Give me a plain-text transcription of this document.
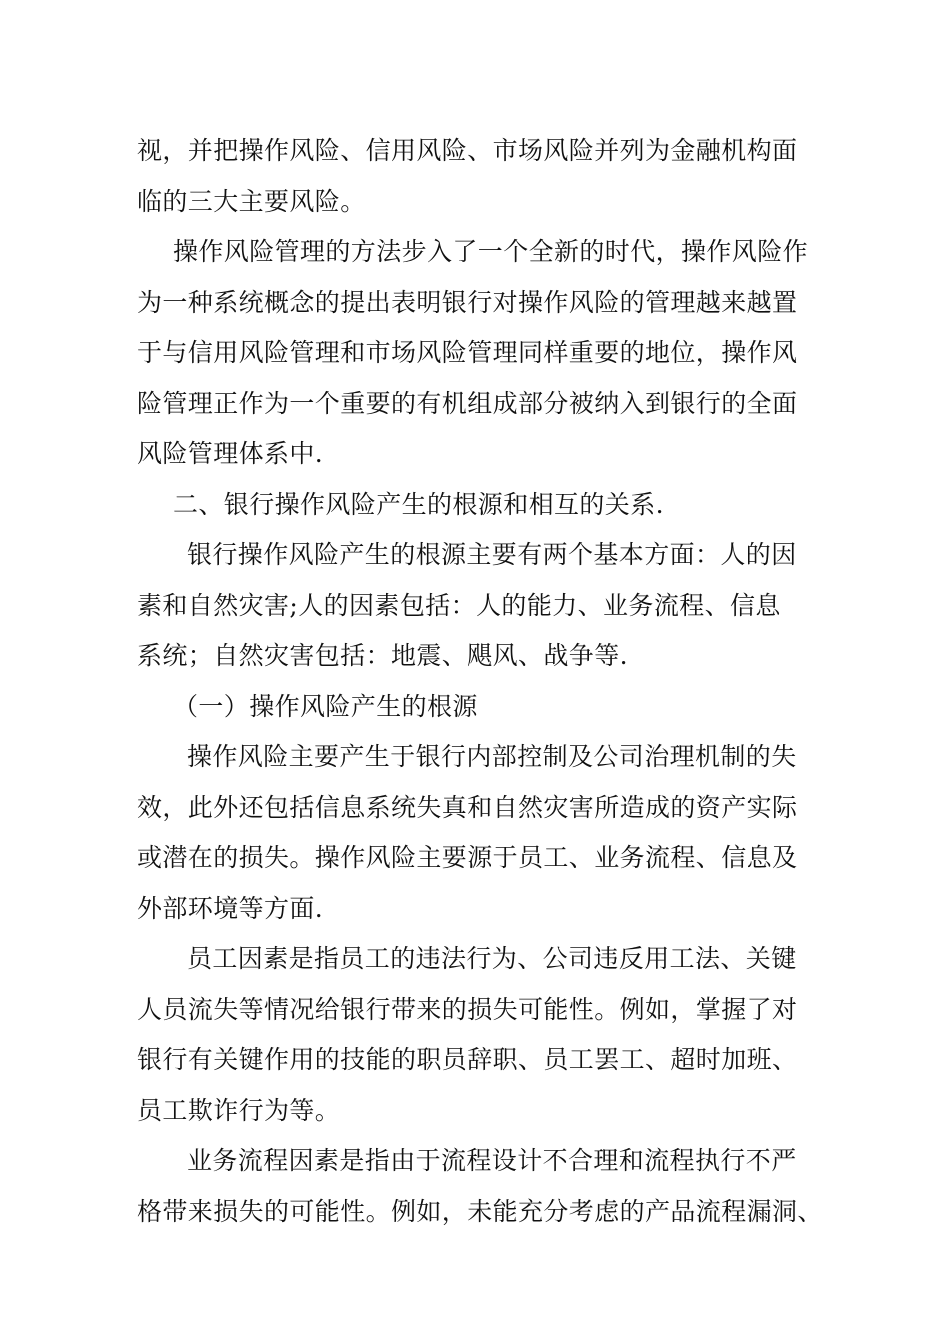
视，并把操作风险、信用风险、市场风险并列为金融机构面
临的三大主要风险。
操作风险管理的方法步入了一个全新的时代，操作风险作
为一种系统概念的提出表明银行对操作风险的管理越来越置
于与信用风险管理和市场风险管理同样重要的地位，操作风
险管理正作为一个重要的有机组成部分被纳入到银行的全面
风险管理体系中.
二、银行操作风险产生的根源和相互的关系.
银行操作风险产生的根源主要有两个基本方面：人的因
素和自然灾害;人的因素包括：人的能力、业务流程、信息
系统；自然灾害包括：地震、飓风、战争等.
（一）操作风险产生的根源
操作风险主要产生于银行内部控制及公司治理机制的失
效，此外还包括信息系统失真和自然灾害所造成的资产实际
或潜在的损失。操作风险主要源于员工、业务流程、信息及
外部环境等方面.
员工因素是指员工的违法行为、公司违反用工法、关键
人员流失等情况给银行带来的损失可能性。例如，掌握了对
银行有关键作用的技能的职员辞职、员工罢工、超时加班、
员工欺诈行为等。
业务流程因素是指由于流程设计不合理和流程执行不严
格带来损失的可能性。例如，未能充分考虑的产品流程漏洞、
